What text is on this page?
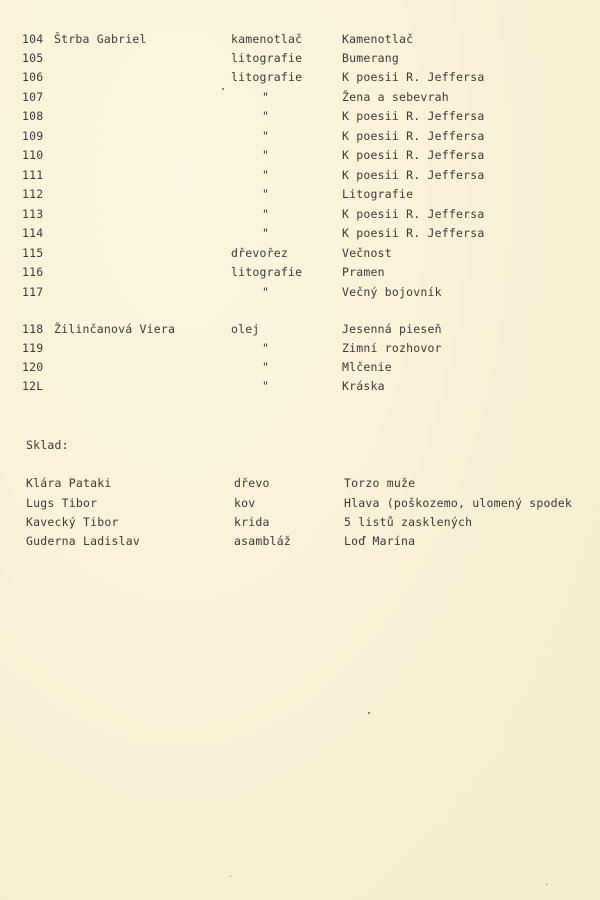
104 Štrba Gabriel	kamenotlač	Kamenotlač
105	litografie	Bumerang
106	litografie	K poesii R. Jeffersa
107	"	Žena a sebevrah
108	"	K poesii R. Jeffersa
109	"	K poesii R. Jeffersa
110	"	K poesii R. Jeffersa
111	"	K poesii R. Jeffersa
112	"	Litografie
113	"	K poesii R. Jeffersa
114	"	K poesii R. Jeffersa
115	dřevořez	Večnost
116	litografie	Pramen
117	"	Večný bojovník
118 Žilinčanová Viera	olej	Jesenná pieseň
119	"	Zimní rozhovor
120	"	Mlčenie
12L	"	Kráska
Sklad:
Klára Pataki	dřevo	Torzo muže
Lugs Tibor	kov	Hlava (poškozemo, ulomený spodek
Kavecký Tibor	krida	5 listů zasklených
Guderna Ladislav	asambláž	Loď Marína
